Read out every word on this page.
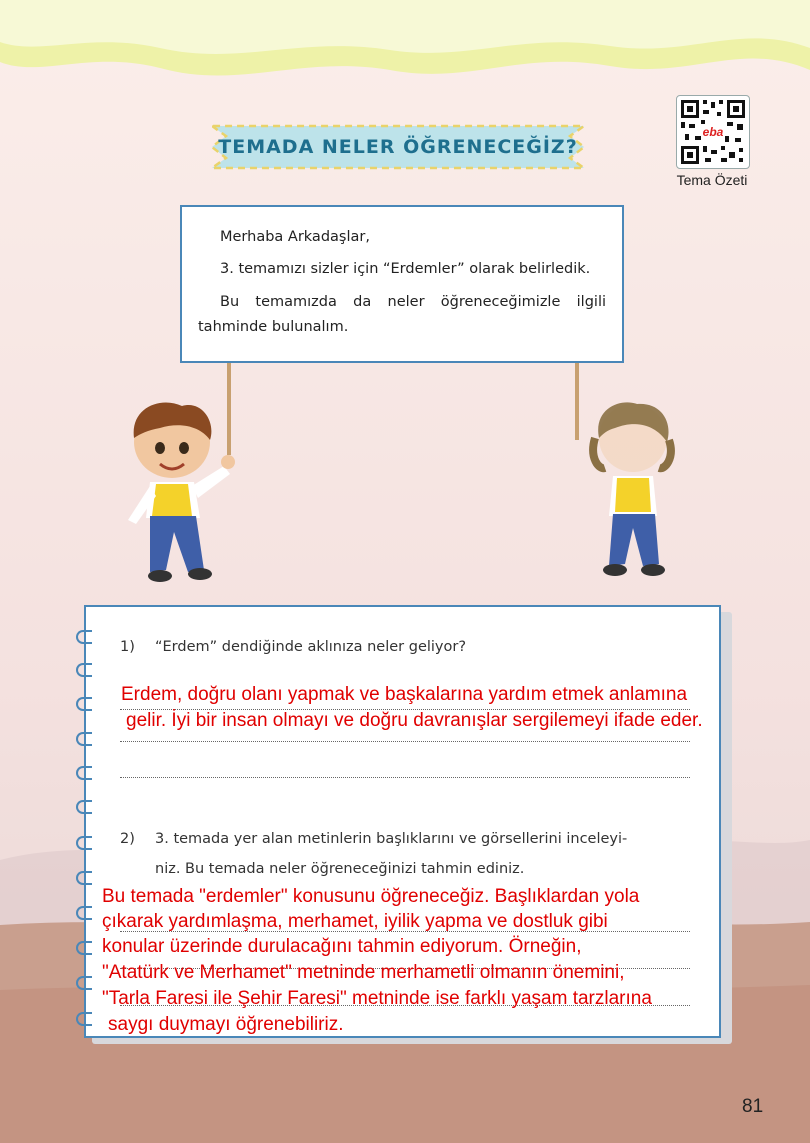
TEMADA NELER ÖĞRENECEĞİZ?
eba
Tema Özeti

Merhaba Arkadaşlar,

3. temamızı sizler için “Erdemler” olarak belirledik.

Bu temamızda da neler öğreneceğimizle ilgili tahminde bulunalım.

1) “Erdem” dendiğinde aklınıza neler geliyor?
Erdem, doğru olanı yapmak ve başkalarına yardım etmek anlamına
gelir. İyi bir insan olmayı ve doğru davranışlar sergilemeyi ifade eder.
2) 3. temada yer alan metinlerin başlıklarını ve görsellerini inceleyi-
niz. Bu temada neler öğreneceğinizi tahmin ediniz.
Bu temada "erdemler" konusunu öğreneceğiz. Başlıklardan yola
çıkarak yardımlaşma, merhamet, iyilik yapma ve dostluk gibi
konular üzerinde durulacağını tahmin ediyorum. Örneğin,
"Atatürk ve Merhamet" metninde merhametli olmanın önemini,
"Tarla Faresi ile Şehir Faresi" metninde ise farklı yaşam tarzlarına
saygı duymayı öğrenebiliriz.
81
